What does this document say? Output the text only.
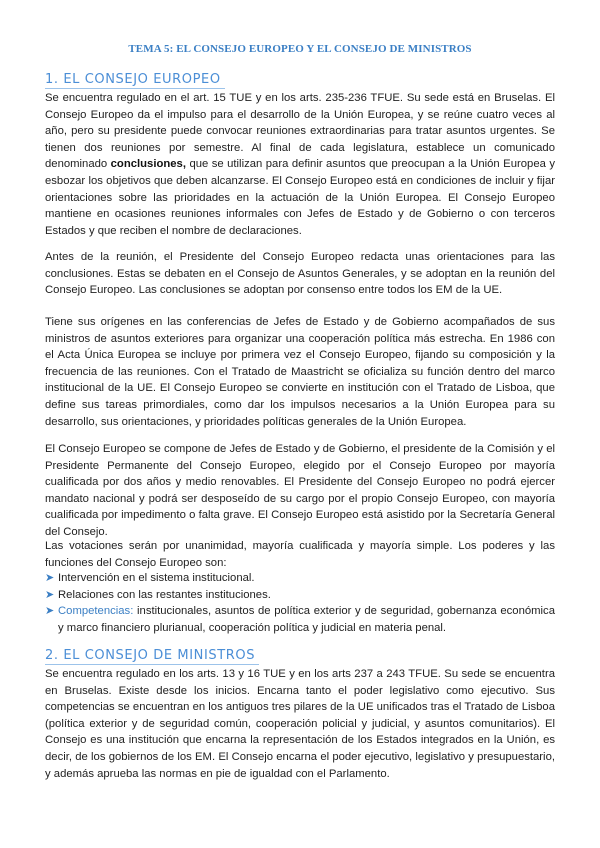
TEMA 5: EL CONSEJO EUROPEO Y EL CONSEJO DE MINISTROS
1. EL CONSEJO EUROPEO

Se encuentra regulado en el art. 15 TUE y en los arts. 235-236 TFUE. Su sede está en Bruselas. El Consejo Europeo da el impulso para el desarrollo de la Unión Europea, y se reúne cuatro veces al año, pero su presidente puede convocar reuniones extraordinarias para tratar asuntos urgentes. Se tienen dos reuniones por semestre. Al final de cada legislatura, establece un comunicado denominado conclusiones, que se utilizan para definir asuntos que preocupan a la Unión Europea y esbozar los objetivos que deben alcanzarse. El Consejo Europeo está en condiciones de incluir y fijar orientaciones sobre las prioridades en la actuación de la Unión Europea. El Consejo Europeo mantiene en ocasiones reuniones informales con Jefes de Estado y de Gobierno o con terceros Estados y que reciben el nombre de declaraciones.

Antes de la reunión, el Presidente del Consejo Europeo redacta unas orientaciones para las conclusiones. Estas se debaten en el Consejo de Asuntos Generales, y se adoptan en la reunión del Consejo Europeo. Las conclusiones se adoptan por consenso entre todos los EM de la UE.

Tiene sus orígenes en las conferencias de Jefes de Estado y de Gobierno acompañados de sus ministros de asuntos exteriores para organizar una cooperación política más estrecha. En 1986 con el Acta Única Europea se incluye por primera vez el Consejo Europeo, fijando su composición y la frecuencia de las reuniones. Con el Tratado de Maastricht se oficializa su función dentro del marco institucional de la UE. El Consejo Europeo se convierte en institución con el Tratado de Lisboa, que define sus tareas primordiales, como dar los impulsos necesarios a la Unión Europea para su desarrollo, sus orientaciones, y prioridades políticas generales de la Unión Europea.

El Consejo Europeo se compone de Jefes de Estado y de Gobierno, el presidente de la Comisión y el Presidente Permanente del Consejo Europeo, elegido por el Consejo Europeo por mayoría cualificada por dos años y medio renovables. El Presidente del Consejo Europeo no podrá ejercer mandato nacional y podrá ser desposeído de su cargo por el propio Consejo Europeo, con mayoría cualificada por impedimento o falta grave. El Consejo Europeo está asistido por la Secretaría General del Consejo.

Las votaciones serán por unanimidad, mayoría cualificada y mayoría simple. Los poderes y las funciones del Consejo Europeo son:

➤ Intervención en el sistema institucional.
➤ Relaciones con las restantes instituciones.
➤ Competencias: institucionales, asuntos de política exterior y de seguridad, gobernanza económica y marco financiero plurianual, cooperación política y judicial en materia penal.
2. EL CONSEJO DE MINISTROS

Se encuentra regulado en los arts. 13 y 16 TUE y en los arts 237 a 243 TFUE. Su sede se encuentra en Bruselas. Existe desde los inicios. Encarna tanto el poder legislativo como ejecutivo. Sus competencias se encuentran en los antiguos tres pilares de la UE unificados tras el Tratado de Lisboa (política exterior y de seguridad común, cooperación policial y judicial, y asuntos comunitarios). El Consejo es una institución que encarna la representación de los Estados integrados en la Unión, es decir, de los gobiernos de los EM. El Consejo encarna el poder ejecutivo, legislativo y presupuestario, y además aprueba las normas en pie de igualdad con el Parlamento.
